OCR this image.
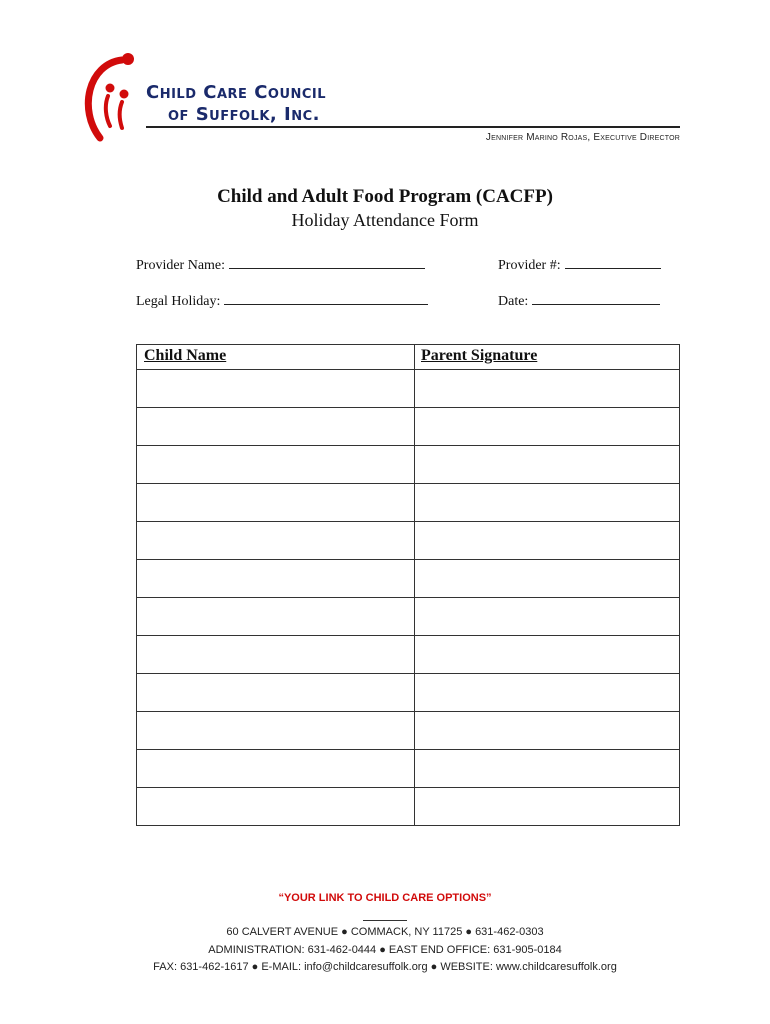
Child Care Council
of Suffolk, Inc.
Jennifer Marino Rojas, Executive Director
Child and Adult Food Program (CACFP)
Holiday Attendance Form
Provider Name:	Provider #:
Legal Holiday:	Date:
Child Name	Parent Signature

“YOUR LINK TO CHILD CARE OPTIONS”
60 CALVERT AVENUE ● COMMACK, NY 11725 ● 631-462-0303
ADMINISTRATION: 631-462-0444 ● EAST END OFFICE: 631-905-0184
FAX: 631-462-1617 ● E-MAIL: info@childcaresuffolk.org ● WEBSITE: www.childcaresuffolk.org
